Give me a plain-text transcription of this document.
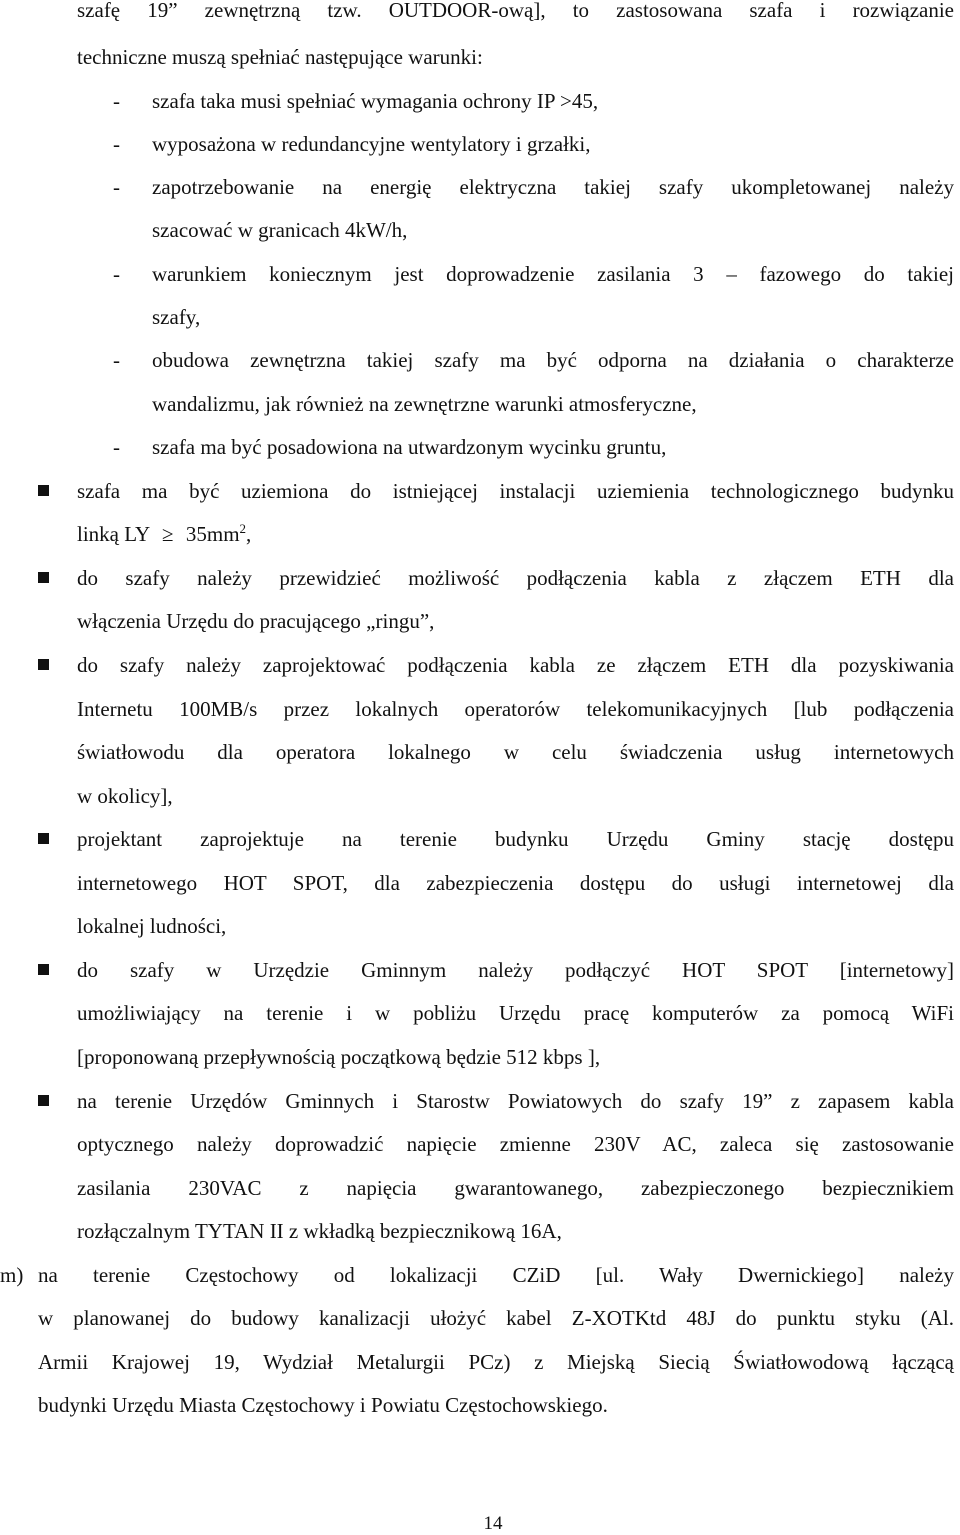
szafę 19” zewnętrzną tzw. OUTDOOR-ową], to zastosowana szafa i rozwiązanie
techniczne muszą spełniać następujące warunki:
- szafa taka musi spełniać wymagania ochrony IP >45,
- wyposażona w redundancyjne wentylatory i grzałki,
- zapotrzebowanie na energię elektryczna takiej szafy ukompletowanej należy
szacować w granicach 4kW/h,
- warunkiem koniecznym jest doprowadzenie zasilania 3 – fazowego do takiej
szafy,
- obudowa zewnętrzna takiej szafy ma być odporna na działania o charakterze
wandalizmu, jak również na zewnętrzne warunki atmosferyczne,
- szafa ma być posadowiona na utwardzonym wycinku gruntu,
szafa ma być uziemiona do istniejącej instalacji uziemienia technologicznego budynku
linką LY ≥ $35mm^2$,
do szafy należy przewidzieć możliwość podłączenia kabla z złączem ETH dla
włączenia Urzędu do pracującego „ringu”,
do szafy należy zaprojektować podłączenia kabla ze złączem ETH dla pozyskiwania
Internetu 100MB/s przez lokalnych operatorów telekomunikacyjnych [lub podłączenia
światłowodu dla operatora lokalnego w celu świadczenia usług internetowych
w okolicy],
projektant zaprojektuje na terenie budynku Urzędu Gminy stację dostępu
internetowego HOT SPOT, dla zabezpieczenia dostępu do usługi internetowej dla
lokalnej ludności,
do szafy w Urzędzie Gminnym należy podłączyć HOT SPOT [internetowy]
umożliwiający na terenie i w pobliżu Urzędu pracę komputerów za pomocą WiFi
[proponowaną przepływnością początkową będzie 512 kbps ],
na terenie Urzędów Gminnych i Starostw Powiatowych do szafy 19” z zapasem kabla
optycznego należy doprowadzić napięcie zmienne 230V AC, zaleca się zastosowanie
zasilania 230VAC z napięcia gwarantowanego, zabezpieczonego bezpiecznikiem
rozłączalnym TYTAN II z wkładką bezpiecznikową 16A,
m) na terenie Częstochowy od lokalizacji CZiD [ul. Wały Dwernickiego] należy
w planowanej do budowy kanalizacji ułożyć kabel Z-XOTKtd 48J do punktu styku (Al.
Armii Krajowej 19, Wydział Metalurgii PCz) z Miejską Siecią Światłowodową łączącą
budynki Urzędu Miasta Częstochowy i Powiatu Częstochowskiego.
14
